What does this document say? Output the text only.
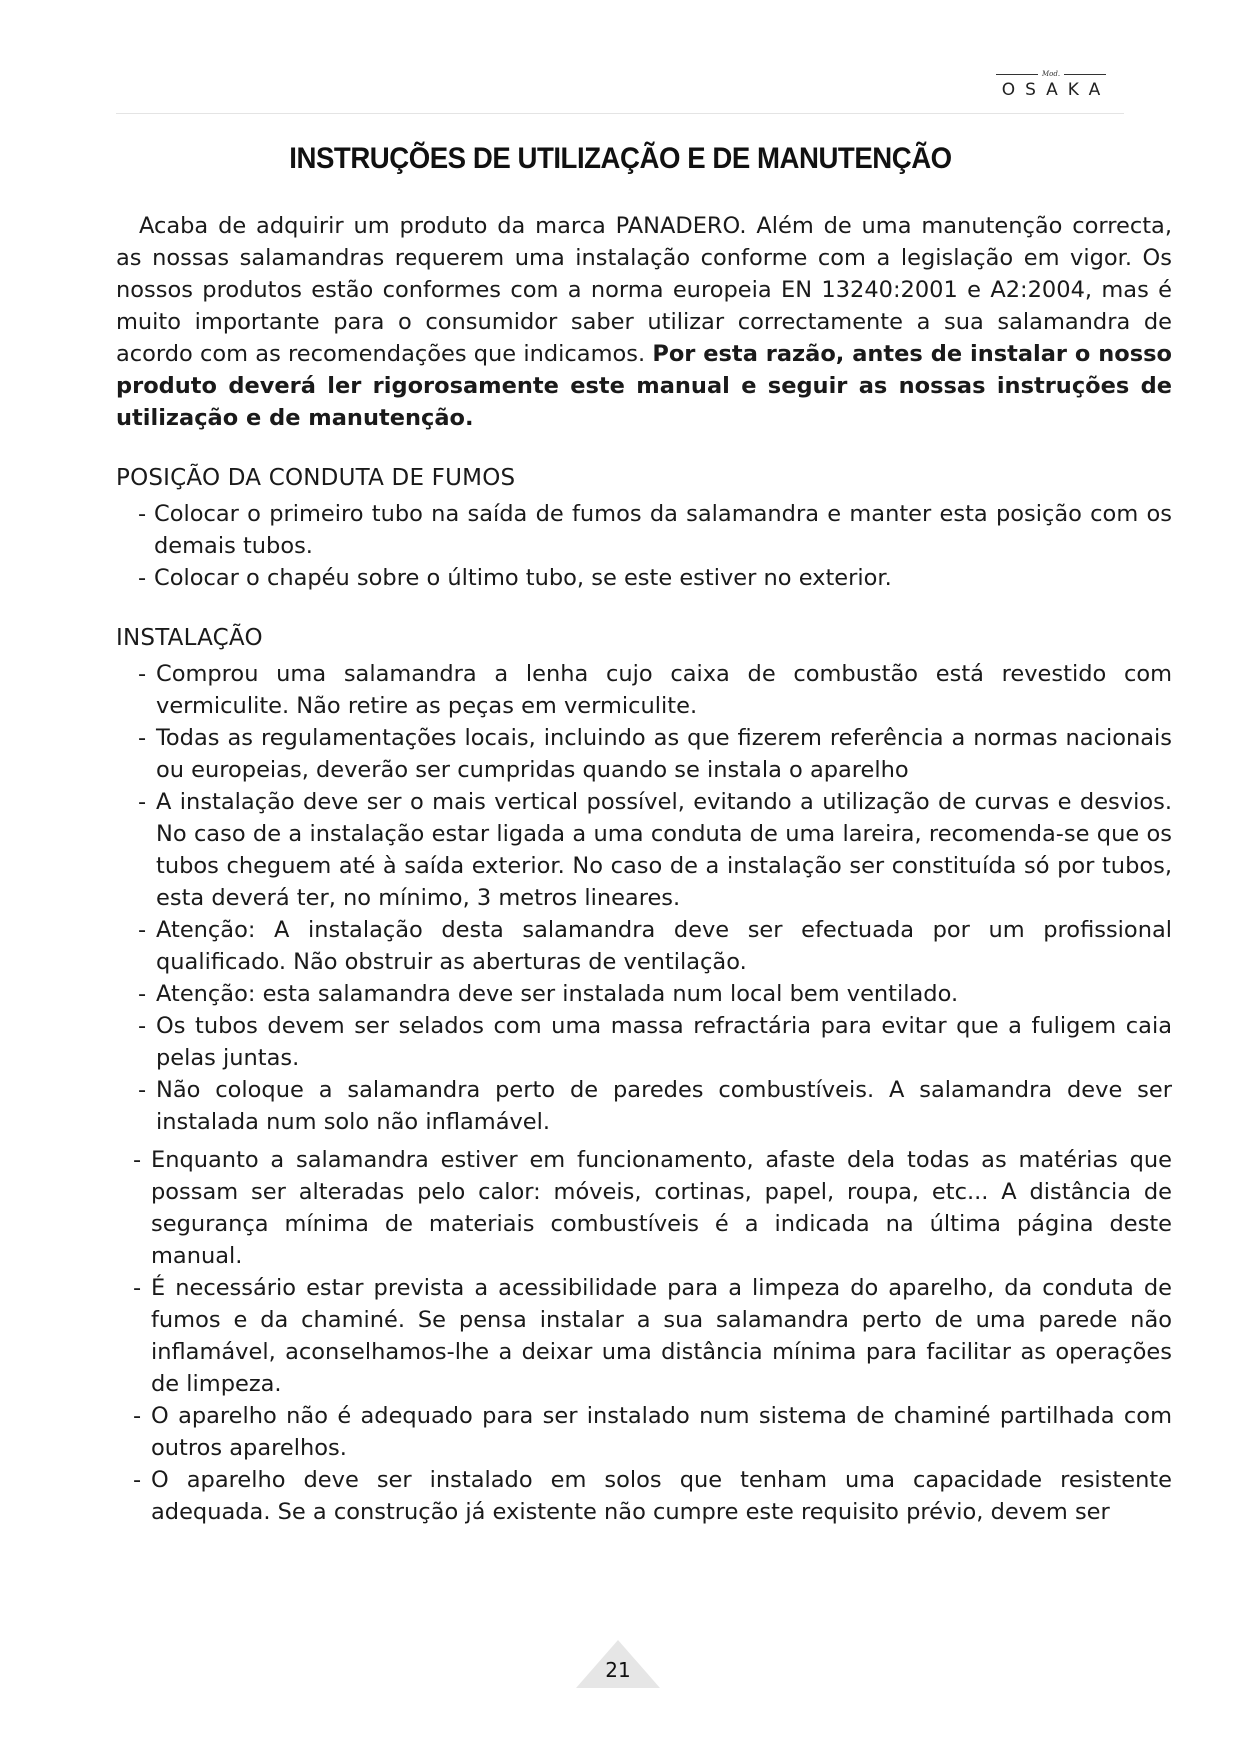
Mod.
OSAKA
INSTRUÇÕES DE UTILIZAÇÃO E DE MANUTENÇÃO

Acaba de adquirir um produto da marca PANADERO. Além de uma manutenção correcta, as nossas salamandras requerem uma instalação conforme com a legislação em vigor. Os nossos produtos estão conformes com a norma europeia EN 13240:2001 e A2:2004, mas é muito importante para o consumidor saber utilizar correctamente a sua salamandra de acordo com as recomendações que indicamos. Por esta razão, antes de instalar o nosso produto deverá ler rigorosamente este manual e seguir as nossas instruções de utilização e de manutenção.

POSIÇÃO DA CONDUTA DE FUMOS

- Colocar o primeiro tubo na saída de fumos da salamandra e manter esta posição com os demais tubos.

- Colocar o chapéu sobre o último tubo, se este estiver no exterior.

INSTALAÇÃO

- Comprou uma salamandra a lenha cujo caixa de combustão está revestido com vermiculite. Não retire as peças em vermiculite.

- Todas as regulamentações locais, incluindo as que fizerem referência a normas nacionais ou europeias, deverão ser cumpridas quando se instala o aparelho

- A instalação deve ser o mais vertical possível, evitando a utilização de curvas e desvios. No caso de a instalação estar ligada a uma conduta de uma lareira, recomenda-se que os tubos cheguem até à saída exterior. No caso de a instalação ser constituída só por tubos, esta deverá ter, no mínimo, 3 metros lineares.

- Atenção: A instalação desta salamandra deve ser efectuada por um profissional qualificado. Não obstruir as aberturas de ventilação.

- Atenção: esta salamandra deve ser instalada num local bem ventilado.

- Os tubos devem ser selados com uma massa refractária para evitar que a fuligem caia pelas juntas.

- Não coloque a salamandra perto de paredes combustíveis. A salamandra deve ser instalada num solo não inflamável.

- Enquanto a salamandra estiver em funcionamento, afaste dela todas as matérias que possam ser alteradas pelo calor: móveis, cortinas, papel, roupa, etc... A distância de segurança mínima de materiais combustíveis é a indicada na última página deste manual.

- É necessário estar prevista a acessibilidade para a limpeza do aparelho, da conduta de fumos e da chaminé. Se pensa instalar a sua salamandra perto de uma parede não inflamável, aconselhamos-lhe a deixar uma distância mínima para facilitar as operações de limpeza.

- O aparelho não é adequado para ser instalado num sistema de chaminé partilhada com outros aparelhos.

- O aparelho deve ser instalado em solos que tenham uma capacidade resistente adequada. Se a construção já existente não cumpre este requisito prévio, devem ser

21
